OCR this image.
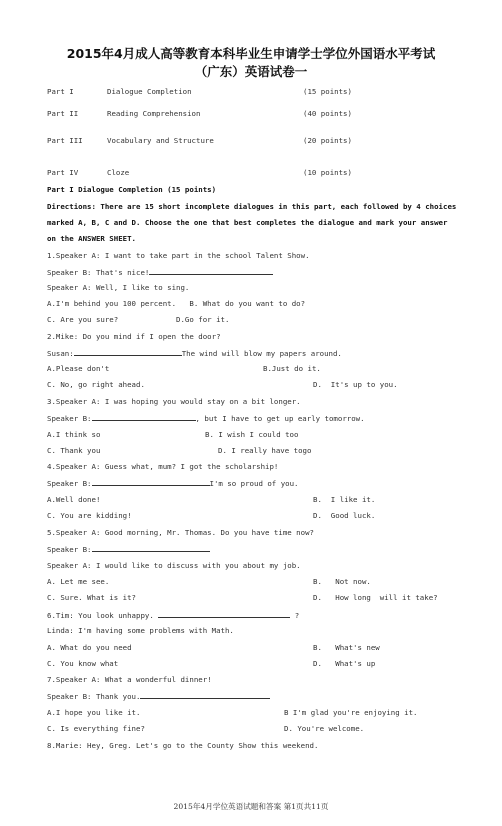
2015年4月成人高等教育本科毕业生申请学士学位外国语水平考试
（广东）英语试卷一
Part I	Dialogue Completion	(15 points)
Part II	Reading Comprehension	(40 points)
Part III	Vocabulary and Structure	(20 points)
Part IV	Cloze	(10 points)
Part I Dialogue Completion (15 points)
Directions: There are 15 short incomplete dialogues in this part, each followed by 4 choices marked A, B, C and D. Choose the one that best completes the dialogue and mark your answer on the ANSWER SHEET.
1.Speaker A: I want to take part in the school Talent Show.
Speaker B: That's nice!
Speaker A: Well, I like to sing.
A.I'm behind you 100 percent.   B. What do you want to do?
C. Are you sure?             D.Go for it.
2.Mike: Do you mind if I open the door?
Susan:	The wind will blow my papers around.
A.Please don't	B.Just do it.
C. No, go right ahead.	D.  It's up to you.
3.Speaker A: I was hoping you would stay on a bit longer.
Speaker B:	, but I have to get up early tomorrow.
A.I think so	B. I wish I could too
C. Thank you	D. I really have togo
4.Speaker A: Guess what, mum? I got the scholarship!
Speaker B:	I'm so proud of you.
A.Well done!	B.  I like it.
C. You are kidding!	D.  Good luck.
5.Speaker A: Good morning, Mr. Thomas. Do you have time now?
Speaker B:
Speaker A: I would like to discuss with you about my job.
A. Let me see.	B.   Not now.
C. Sure. What is it?	D.   How long  will it take?
6.Tim: You look unhappy.	?
Linda: I'm having some problems with Math.
A. What do you need	B.   What's new
C. You know what	D.   What's up
7.Speaker A: What a wonderful dinner!
Speaker B: Thank you.
A.I hope you like it.	B I'm glad you're enjoying it.
C. Is everything fine?	D. You're welcome.
8.Marie: Hey, Greg. Let's go to the County Show this weekend.
2015年4月学位英语试题和答案 第1页共11页
